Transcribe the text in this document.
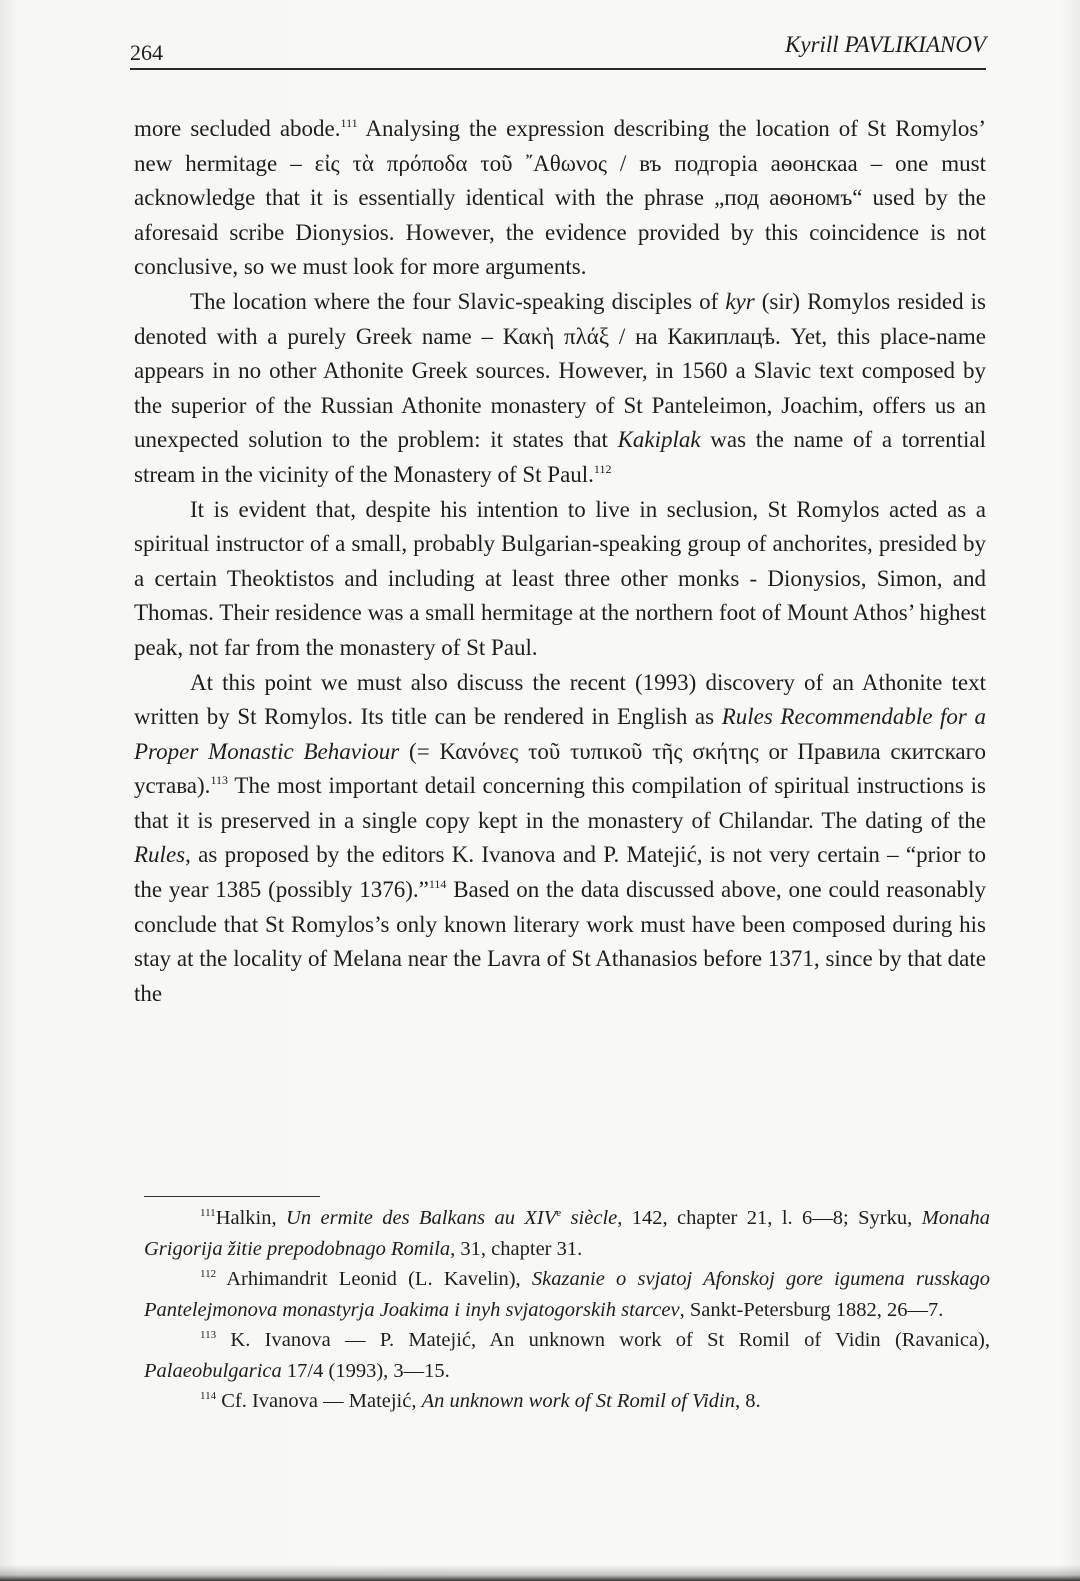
264	Kyrill PAVLIKIANOV

more secluded abode.$^{111}$ Analysing the expression describing the location of St Romylos’ new hermitage – εἰς τὰ πρόποδα τοῦ ῎Αθωνος / въ подгоріа аѳонскаа – one must acknowledge that it is essentially identical with the phrase „под аѳономъ“ used by the aforesaid scribe Dionysios. However, the evidence provided by this coincidence is not conclusive, so we must look for more arguments.

The location where the four Slavic-speaking disciples of kyr (sir) Romylos resided is denoted with a purely Greek name – Κακὴ πλάξ / на Какиплацѣ. Yet, this place-name appears in no other Athonite Greek sources. However, in 1560 a Slavic text composed by the superior of the Russian Athonite monastery of St Panteleimon, Joachim, offers us an unexpected solution to the problem: it states that Kakiplak was the name of a torrential stream in the vicinity of the Monastery of St Paul.$^{112}$

It is evident that, despite his intention to live in seclusion, St Romylos acted as a spiritual instructor of a small, probably Bulgarian-speaking group of anchorites, presided by a certain Theoktistos and including at least three other monks - Dionysios, Simon, and Thomas. Their residence was a small hermitage at the northern foot of Mount Athos’ highest peak, not far from the monastery of St Paul.

At this point we must also discuss the recent (1993) discovery of an Athonite text written by St Romylos. Its title can be rendered in English as Rules Recommendable for a Proper Monastic Behaviour (= Κανόνες τοῦ τυπικοῦ τῆς σκήτης or Правила скитскаго устава).$^{113}$ The most important detail concerning this compilation of spiritual instructions is that it is preserved in a single copy kept in the monastery of Chilandar. The dating of the Rules, as proposed by the editors K. Ivanova and P. Matejić, is not very certain – “prior to the year 1385 (possibly 1376).”$^{114}$ Based on the data discussed above, one could reasonably conclude that St Romylos’s only known literary work must have been composed during his stay at the locality of Melana near the Lavra of St Athanasios before 1371, since by that date the

$^{111}$Halkin, Un ermite des Balkans au XIVe siècle, 142, chapter 21, l. 6—8; Syrku, Monaha Grigorija žitie prepodobnago Romila, 31, chapter 31.

$^{112}$ Arhimandrit Leonid (L. Kavelin), Skazanie o svjatoj Afonskoj gore igumena russkago Pantelejmonova monastyrja Joakima i inyh svjatogorskih starcev, Sankt-Petersburg 1882, 26—7.

$^{113}$ K. Ivanova — P. Matejić, An unknown work of St Romil of Vidin (Ravanica), Palaeobulgarica 17/4 (1993), 3—15.

$^{114}$ Cf. Ivanova — Matejić, An unknown work of St Romil of Vidin, 8.
